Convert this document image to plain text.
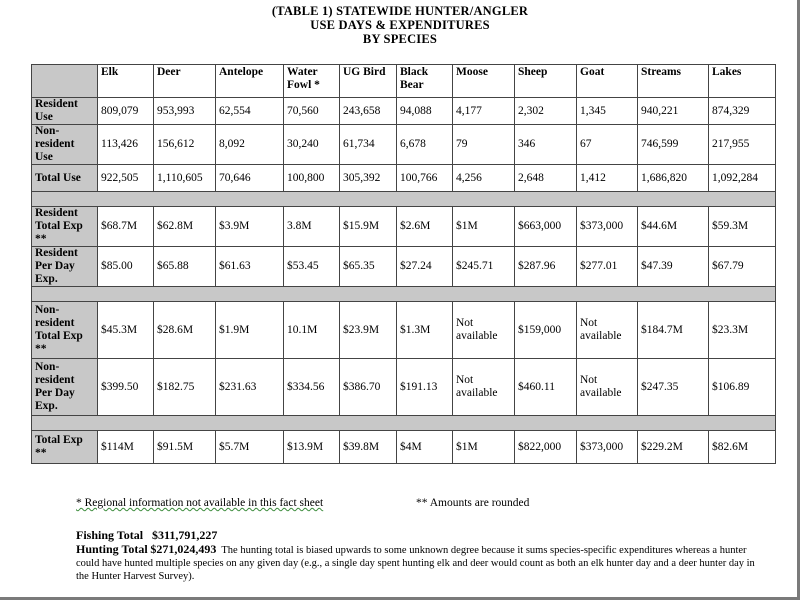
(TABLE 1) STATEWIDE HUNTER/ANGLER
USE DAYS & EXPENDITURES
BY SPECIES
	Elk	Deer	Antelope	Water Fowl *	UG Bird	Black Bear	Moose	Sheep	Goat	Streams	Lakes
Resident Use	809,079	953,993	62,554	70,560	243,658	94,088	4,177	2,302	1,345	940,221	874,329
Non-resident Use	113,426	156,612	8,092	30,240	61,734	6,678	79	346	67	746,599	217,955
Total Use	922,505	1,110,605	70,646	100,800	305,392	100,766	4,256	2,648	1,412	1,686,820	1,092,284

Resident Total Exp **	$68.7M	$62.8M	$3.9M	3.8M	$15.9M	$2.6M	$1M	$663,000	$373,000	$44.6M	$59.3M
Resident Per Day Exp.	$85.00	$65.88	$61.63	$53.45	$65.35	$27.24	$245.71	$287.96	$277.01	$47.39	$67.79

Non-resident Total Exp **	$45.3M	$28.6M	$1.9M	10.1M	$23.9M	$1.3M	Not available	$159,000	Not available	$184.7M	$23.3M
Non-resident Per Day Exp.	$399.50	$182.75	$231.63	$334.56	$386.70	$191.13	Not available	$460.11	Not available	$247.35	$106.89

Total Exp **	$114M	$91.5M	$5.7M	$13.9M	$39.8M	$4M	$1M	$822,000	$373,000	$229.2M	$82.6M
* Regional information not available in this fact sheet	** Amounts are rounded
Fishing Total $311,791,227
Hunting Total $271,024,493 The hunting total is biased upwards to some unknown degree because it sums species-specific expenditures whereas a hunter could have hunted multiple species on any given day (e.g., a single day spent hunting elk and deer would count as both an elk hunter day and a deer hunter day in the Hunter Harvest Survey).
